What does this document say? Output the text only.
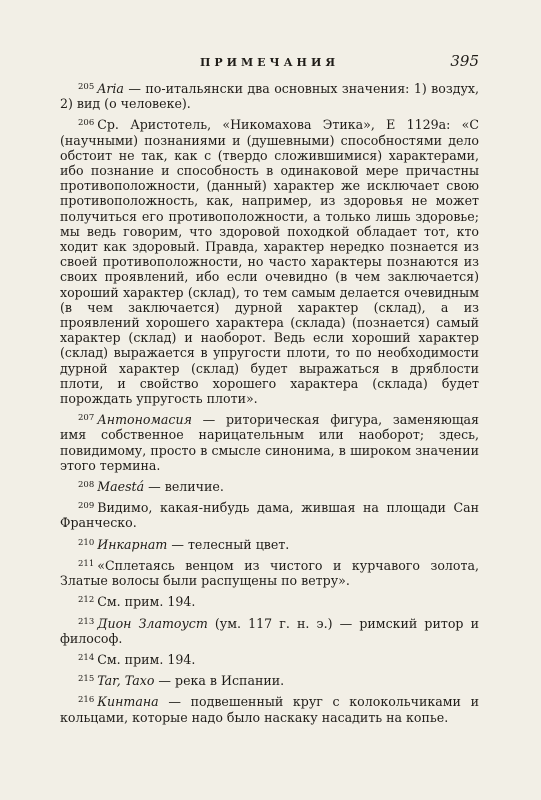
ПРИМЕЧАНИЯ	395

$^{205}$ Aria — по-итальянски два основных значения: 1) воздух, 2) вид (о человеке).

$^{206}$ Ср. Аристотель, «Никомахова Этика», E 1129a: «С (научными) познаниями и (душевными) способностями дело обстоит не так, как с (твердо сложившимися) характерами, ибо познание и способность в одинаковой мере причастны противоположности, (данный) характер же исключает свою противоположность, как, например, из здоровья не может получиться его противоположности, а только лишь здоровье; мы ведь говорим, что здоровой походкой обладает тот, кто ходит как здоровый. Правда, характер нередко познается из своей противоположности, но часто характеры познаются из своих проявлений, ибо если очевидно (в чем заключается) хороший характер (склад), то тем самым делается очевидным (в чем заключается) дурной характер (склад), а из проявлений хорошего характера (склада) (познается) самый характер (склад) и наоборот. Ведь если хороший характер (склад) выражается в упругости плоти, то по необходимости дурной характер (склад) будет выражаться в дряблости плоти, и свойство хорошего характера (склада) будет порождать упругость плоти».

$^{207}$ Антономасия — риторическая фигура, заменяющая имя собственное нарицательным или наоборот; здесь, повидимому, просто в смысле синонима, в широком значении этого термина.

$^{208}$ Maestá — величие.

$^{209}$ Видимо, какая-нибудь дама, жившая на площади Сан Франческо.

$^{210}$ Инкарнат — телесный цвет.

$^{211}$ «Сплетаясь венцом из чистого и курчавого золота, Златые волосы были распущены по ветру».

$^{212}$ См. прим. 194.

$^{213}$ Дион Златоуст (ум. 117 г. н. э.) — римский ритор и философ.

$^{214}$ См. прим. 194.

$^{215}$ Tar, Taxo — река в Испании.

$^{216}$ Кинтана — подвешенный круг с колокольчиками и кольцами, которые надо было наскаку насадить на копье.
